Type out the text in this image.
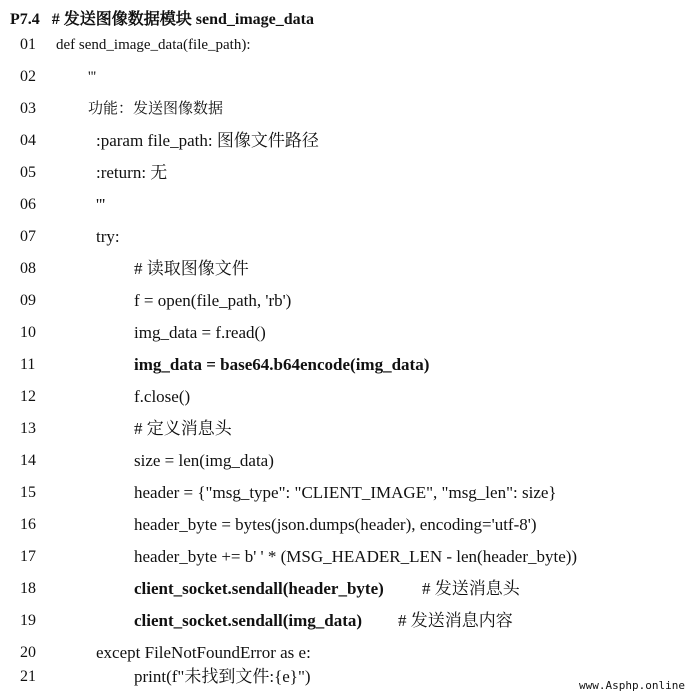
P7.4 # 发送图像数据模块 send_image_data
01	def send_image_data(file_path):
02	'''
03	功能：发送图像数据
04	:param file_path: 图像文件路径
05	:return: 无
06	'''
07	try:
08	# 读取图像文件
09	f = open(file_path, 'rb')
10	img_data = f.read()
11	img_data = base64.b64encode(img_data)
12	f.close()
13	# 定义消息头
14	size = len(img_data)
15	header = {"msg_type": "CLIENT_IMAGE", "msg_len": size}
16	header_byte = bytes(json.dumps(header), encoding='utf-8')
17	header_byte += b' ' * (MSG_HEADER_LEN - len(header_byte))
18	client_socket.sendall(header_byte) # 发送消息头
19	client_socket.sendall(img_data) # 发送消息内容
20	except FileNotFoundError as e:
21	print(f"未找到文件:{e}")	www.Asphp.online
